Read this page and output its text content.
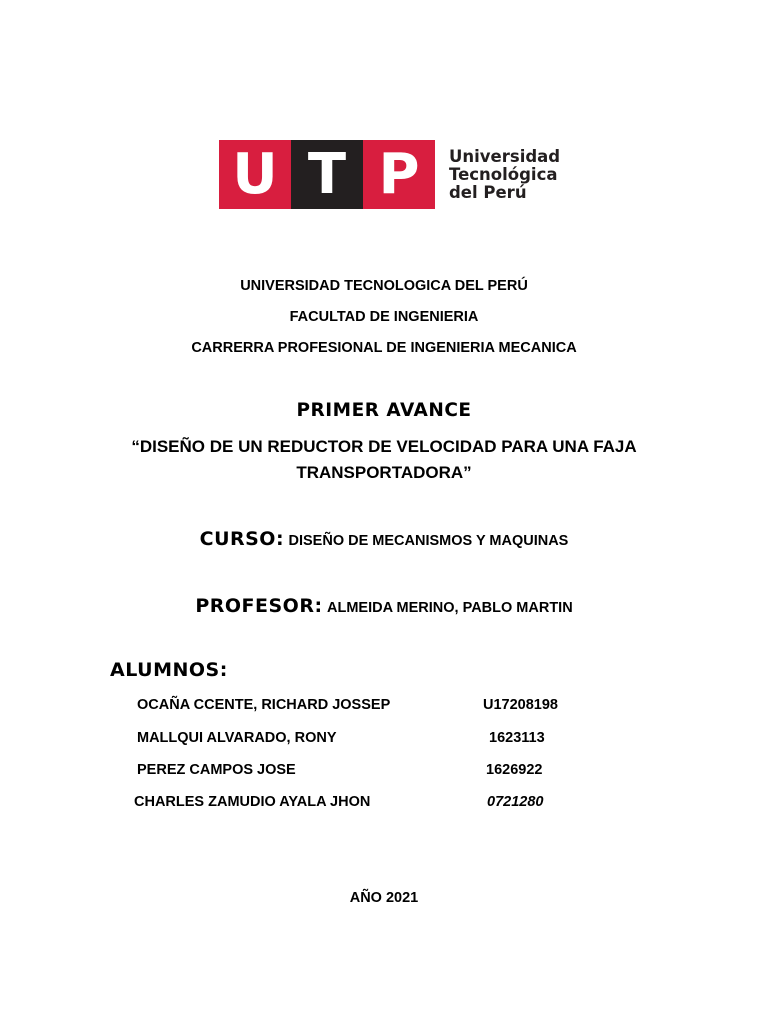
U T P	Universidad
Tecnológica
del Perú
UNIVERSIDAD TECNOLOGICA DEL PERÚ
FACULTAD DE INGENIERIA
CARRERRA PROFESIONAL DE INGENIERIA MECANICA
PRIMER AVANCE
“DISEÑO DE UN REDUCTOR DE VELOCIDAD PARA UNA FAJA
TRANSPORTADORA”
CURSO: DISEÑO DE MECANISMOS Y MAQUINAS
PROFESOR: ALMEIDA MERINO, PABLO MARTIN
ALUMNOS:
OCAÑA CCENTE, RICHARD JOSSEP	U17208198
MALLQUI ALVARADO, RONY	1623113
PEREZ CAMPOS JOSE	1626922
CHARLES ZAMUDIO AYALA JHON	0721280
AÑO 2021
